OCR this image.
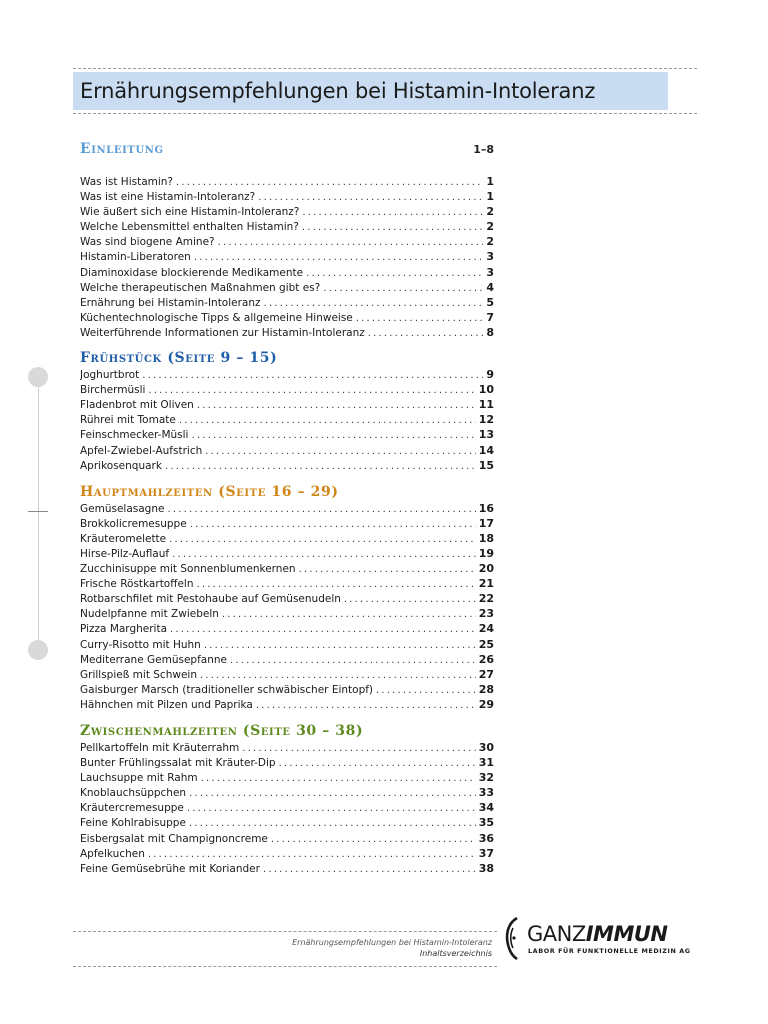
Ernährungsempfehlungen bei Histamin-Intoleranz
Einleitung	1–8
Was ist Histamin? .....	1
Was ist eine Histamin-Intoleranz? .....	1
Wie äußert sich eine Histamin-Intoleranz? .....	2
Welche Lebensmittel enthalten Histamin? .....	2
Was sind biogene Amine? .....	2
Histamin-Liberatoren .....	3
Diaminoxidase blockierende Medikamente .....	3
Welche therapeutischen Maßnahmen gibt es? .....	4
Ernährung bei Histamin-Intoleranz .....	5
Küchentechnologische Tipps & allgemeine Hinweise .....	7
Weiterführende Informationen zur Histamin-Intoleranz .....	8
Frühstück (Seite 9 – 15)
Joghurtbrot .....	9
Birchermüsli .....	10
Fladenbrot mit Oliven .....	11
Rührei mit Tomate .....	12
Feinschmecker-Müsli .....	13
Apfel-Zwiebel-Aufstrich .....	14
Aprikosenquark .....	15
Hauptmahlzeiten (Seite 16 – 29)
Gemüselasagne .....	16
Brokkolicremesuppe .....	17
Kräuteromelette .....	18
Hirse-Pilz-Auflauf .....	19
Zucchinisuppe mit Sonnenblumenkernen .....	20
Frische Röstkartoffeln .....	21
Rotbarschfilet mit Pestohaube auf Gemüsenudeln .....	22
Nudelpfanne mit Zwiebeln .....	23
Pizza Margherita .....	24
Curry-Risotto mit Huhn .....	25
Mediterrane Gemüsepfanne .....	26
Grillspieß mit Schwein .....	27
Gaisburger Marsch (traditioneller schwäbischer Eintopf) .....	28
Hähnchen mit Pilzen und Paprika .....	29
Zwischenmahlzeiten (Seite 30 – 38)
Pellkartoffeln mit Kräuterrahm .....	30
Bunter Frühlingssalat mit Kräuter-Dip .....	31
Lauchsuppe mit Rahm .....	32
Knoblauchsüppchen .....	33
Kräutercremesuppe .....	34
Feine Kohlrabisuppe .....	35
Eisbergsalat mit Champignoncreme .....	36
Apfelkuchen .....	37
Feine Gemüsebrühe mit Koriander .....	38
Ernährungsempfehlungen bei Histamin-Intoleranz
Inhaltsverzeichnis
GANZIMMUN
LABOR FÜR FUNKTIONELLE MEDIZIN AG
